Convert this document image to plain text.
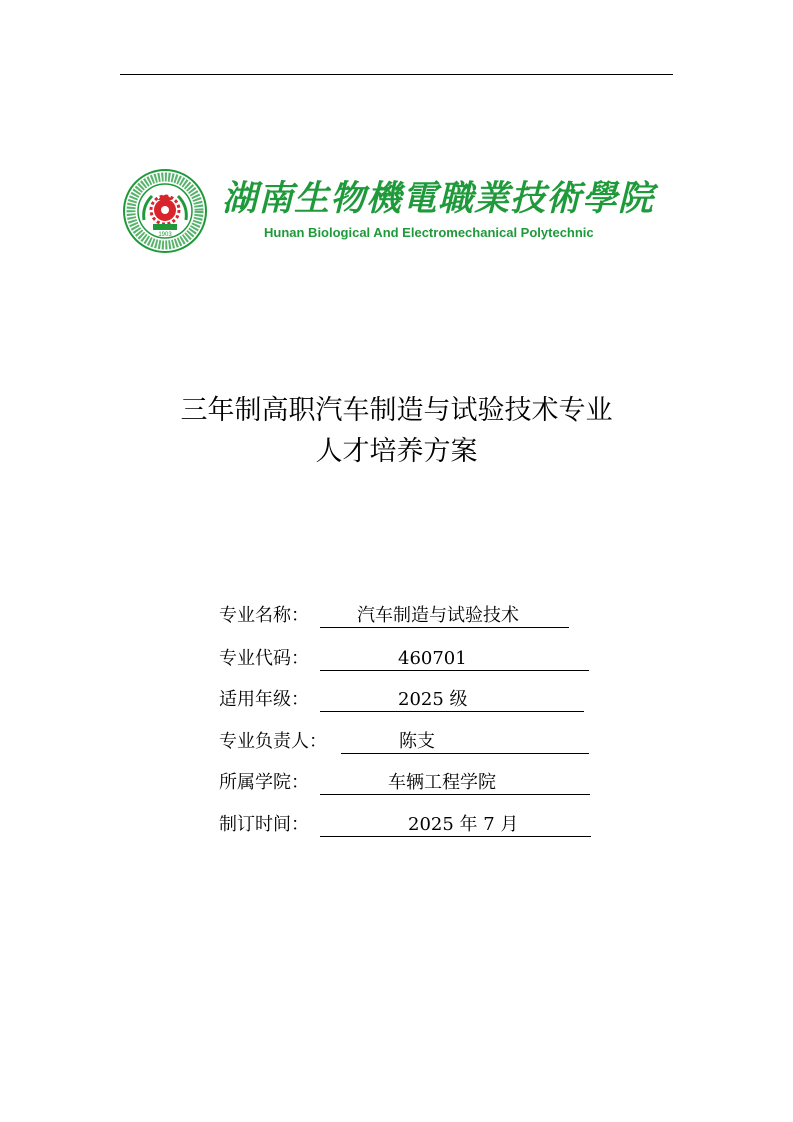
1903
湖南生物機電職業技術學院
Hunan Biological And Electromechanical Polytechnic
三年制高职汽车制造与试验技术专业
人才培养方案
专业名称：	汽车制造与试验技术
专业代码：	460701
适用年级：	2025 级
专业负责人：	陈支
所属学院：	车辆工程学院
制订时间：	2025 年 7 月
